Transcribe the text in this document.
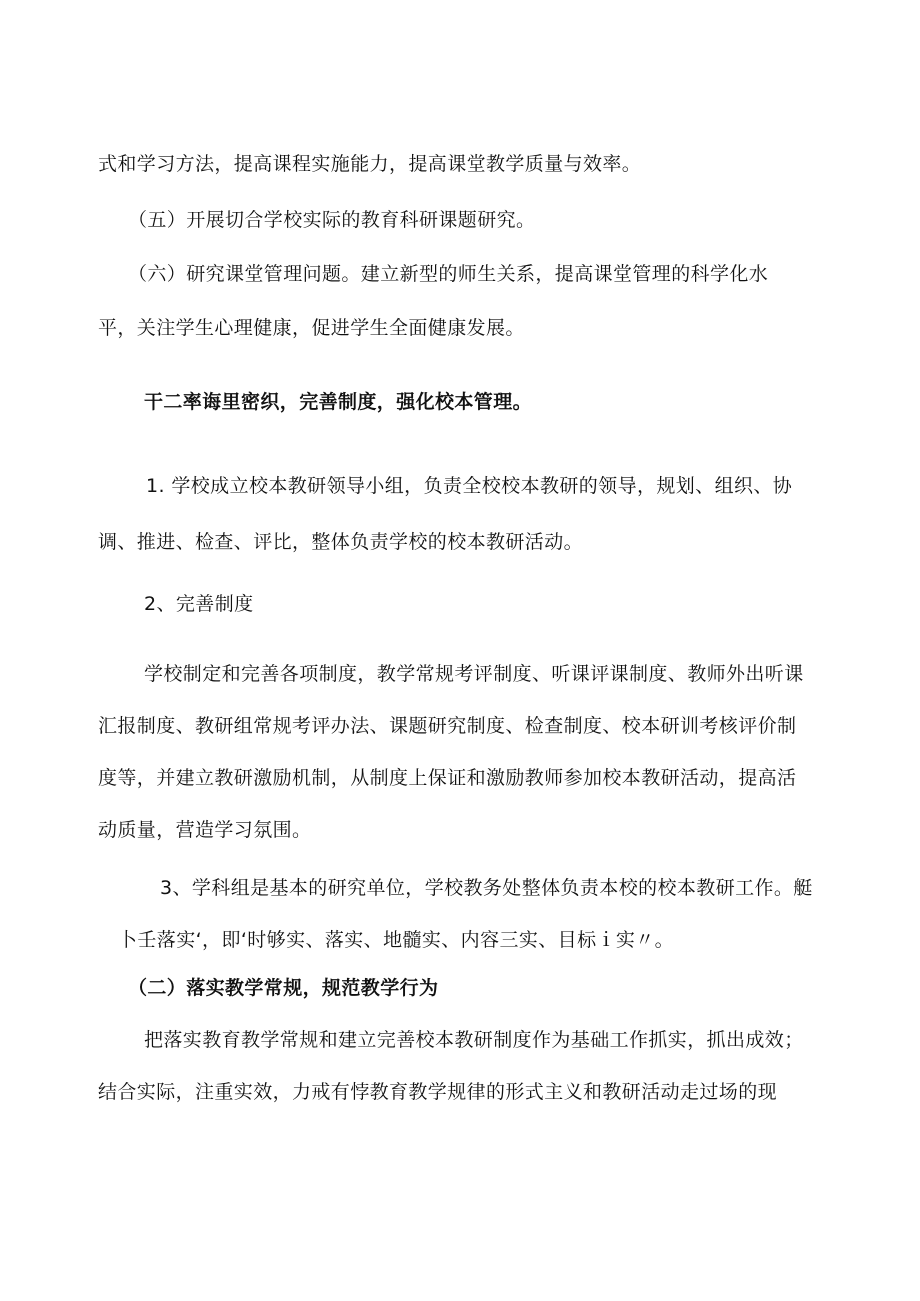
式和学习方法，提高课程实施能力，提高课堂教学质量与效率。
（五）开展切合学校实际的教育科研课题研究。
（六）研究课堂管理问题。建立新型的师生关系，提高课堂管理的科学化水
平，关注学生心理健康，促进学生全面健康发展。
干二率诲里密织，完善制度，强化校本管理。
1. 学校成立校本教研领导小组，负责全校校本教研的领导，规划、组织、协
调、推进、检查、评比，整体负责学校的校本教研活动。
2、完善制度
学校制定和完善各项制度，教学常规考评制度、听课评课制度、教师外出听课
汇报制度、教研组常规考评办法、课题研究制度、检查制度、校本研训考核评价制
度等，并建立教研激励机制，从制度上保证和激励教师参加校本教研活动，提高活
动质量，营造学习氛围。
3、学科组是基本的研究单位，学校教务处整体负责本校的校本教研工作。艇
卜壬落实‘，即‘时够实、落实、地髓实、内容三实、目标ｉ实〃。
（二）落实教学常规，规范教学行为
把落实教育教学常规和建立完善校本教研制度作为基础工作抓实，抓出成效；
结合实际，注重实效，力戒有悖教育教学规律的形式主义和教研活动走过场的现
